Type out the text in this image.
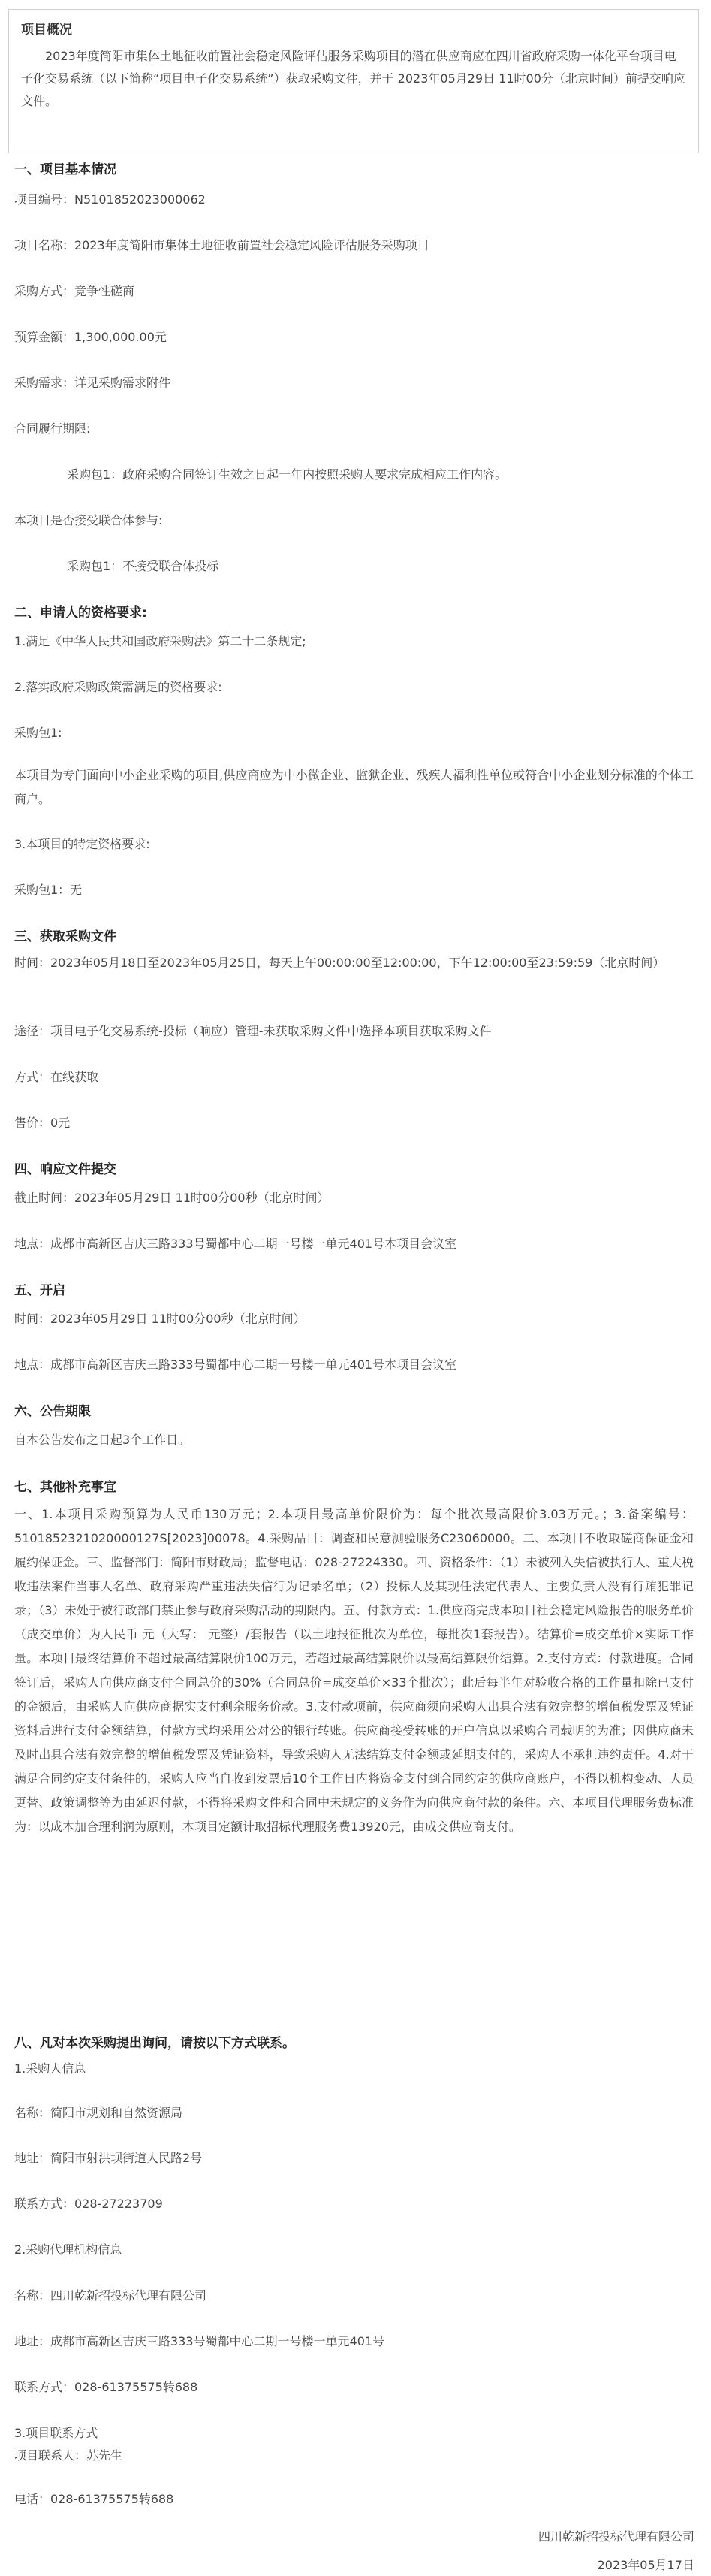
项目概况

2023年度简阳市集体土地征收前置社会稳定风险评估服务采购项目的潜在供应商应在四川省政府采购一体化平台项目电子化交易系统（以下简称“项目电子化交易系统”）获取采购文件，并于 2023年05月29日 11时00分（北京时间）前提交响应文件。

一、项目基本情况

项目编号：N5101852023000062

项目名称：2023年度简阳市集体土地征收前置社会稳定风险评估服务采购项目

采购方式：竞争性磋商

预算金额：1,300,000.00元

采购需求：详见采购需求附件

合同履行期限:

采购包1：政府采购合同签订生效之日起一年内按照采购人要求完成相应工作内容。

本项目是否接受联合体参与:

采购包1：不接受联合体投标

二、申请人的资格要求:

1.满足《中华人民共和国政府采购法》第二十二条规定;

2.落实政府采购政策需满足的资格要求:

采购包1:

本项目为专门面向中小企业采购的项目,供应商应为中小微企业、监狱企业、残疾人福利性单位或符合中小企业划分标准的个体工商户。

3.本项目的特定资格要求:

采购包1：无

三、获取采购文件

时间：2023年05月18日至2023年05月25日，每天上午00:00:00至12:00:00，下午12:00:00至23:59:59（北京时间）

途径：项目电子化交易系统-投标（响应）管理-未获取采购文件中选择本项目获取采购文件

方式：在线获取

售价：0元

四、响应文件提交

截止时间：2023年05月29日 11时00分00秒（北京时间）

地点：成都市高新区吉庆三路333号蜀都中心二期一号楼一单元401号本项目会议室

五、开启

时间：2023年05月29日 11时00分00秒（北京时间）

地点：成都市高新区吉庆三路333号蜀都中心二期一号楼一单元401号本项目会议室

六、公告期限

自本公告发布之日起3个工作日。

七、其他补充事宜

一、1.本项目采购预算为人民币130万元；2.本项目最高单价限价为：每个批次最高限价3.03万元。；3.备案编号：5101852321020000127S[2023]00078。4.采购品目：调查和民意测验服务C23060000。二、本项目不收取磋商保证金和履约保证金。三、监督部门：简阳市财政局；监督电话：028-27224330。四、资格条件：（1）未被列入失信被执行人、重大税收违法案件当事人名单、政府采购严重违法失信行为记录名单；（2）投标人及其现任法定代表人、主要负责人没有行贿犯罪记录；（3）未处于被行政部门禁止参与政府采购活动的期限内。五、付款方式：1.供应商完成本项目社会稳定风险报告的服务单价（成交单价）为人民币 元（大写： 元整）/套报告（以土地报征批次为单位，每批次1套报告）。结算价=成交单价×实际工作量。本项目最终结算价不超过最高结算限价100万元，若超过最高结算限价以最高结算限价结算。2.支付方式：付款进度。合同签订后，采购人向供应商支付合同总价的30%（合同总价=成交单价×33个批次）；此后每半年对验收合格的工作量扣除已支付的金额后，由采购人向供应商据实支付剩余服务价款。3.支付款项前，供应商须向采购人出具合法有效完整的增值税发票及凭证资料后进行支付金额结算，付款方式均采用公对公的银行转账。供应商接受转账的开户信息以采购合同载明的为准；因供应商未及时出具合法有效完整的增值税发票及凭证资料，导致采购人无法结算支付金额或延期支付的，采购人不承担违约责任。4.对于满足合同约定支付条件的，采购人应当自收到发票后10个工作日内将资金支付到合同约定的供应商账户，不得以机构变动、人员更替、政策调整等为由延迟付款，不得将采购文件和合同中未规定的义务作为向供应商付款的条件。六、本项目代理服务费标准为：以成本加合理利润为原则，本项目定额计取招标代理服务费13920元，由成交供应商支付。

八、凡对本次采购提出询问，请按以下方式联系。

1.采购人信息

名称：简阳市规划和自然资源局

地址：简阳市射洪坝街道人民路2号

联系方式：028-27223709

2.采购代理机构信息

名称：四川乾新招投标代理有限公司

地址：成都市高新区吉庆三路333号蜀都中心二期一号楼一单元401号

联系方式：028-61375575转688

3.项目联系方式

项目联系人：苏先生

电话：028-61375575转688

四川乾新招投标代理有限公司
2023年05月17日
